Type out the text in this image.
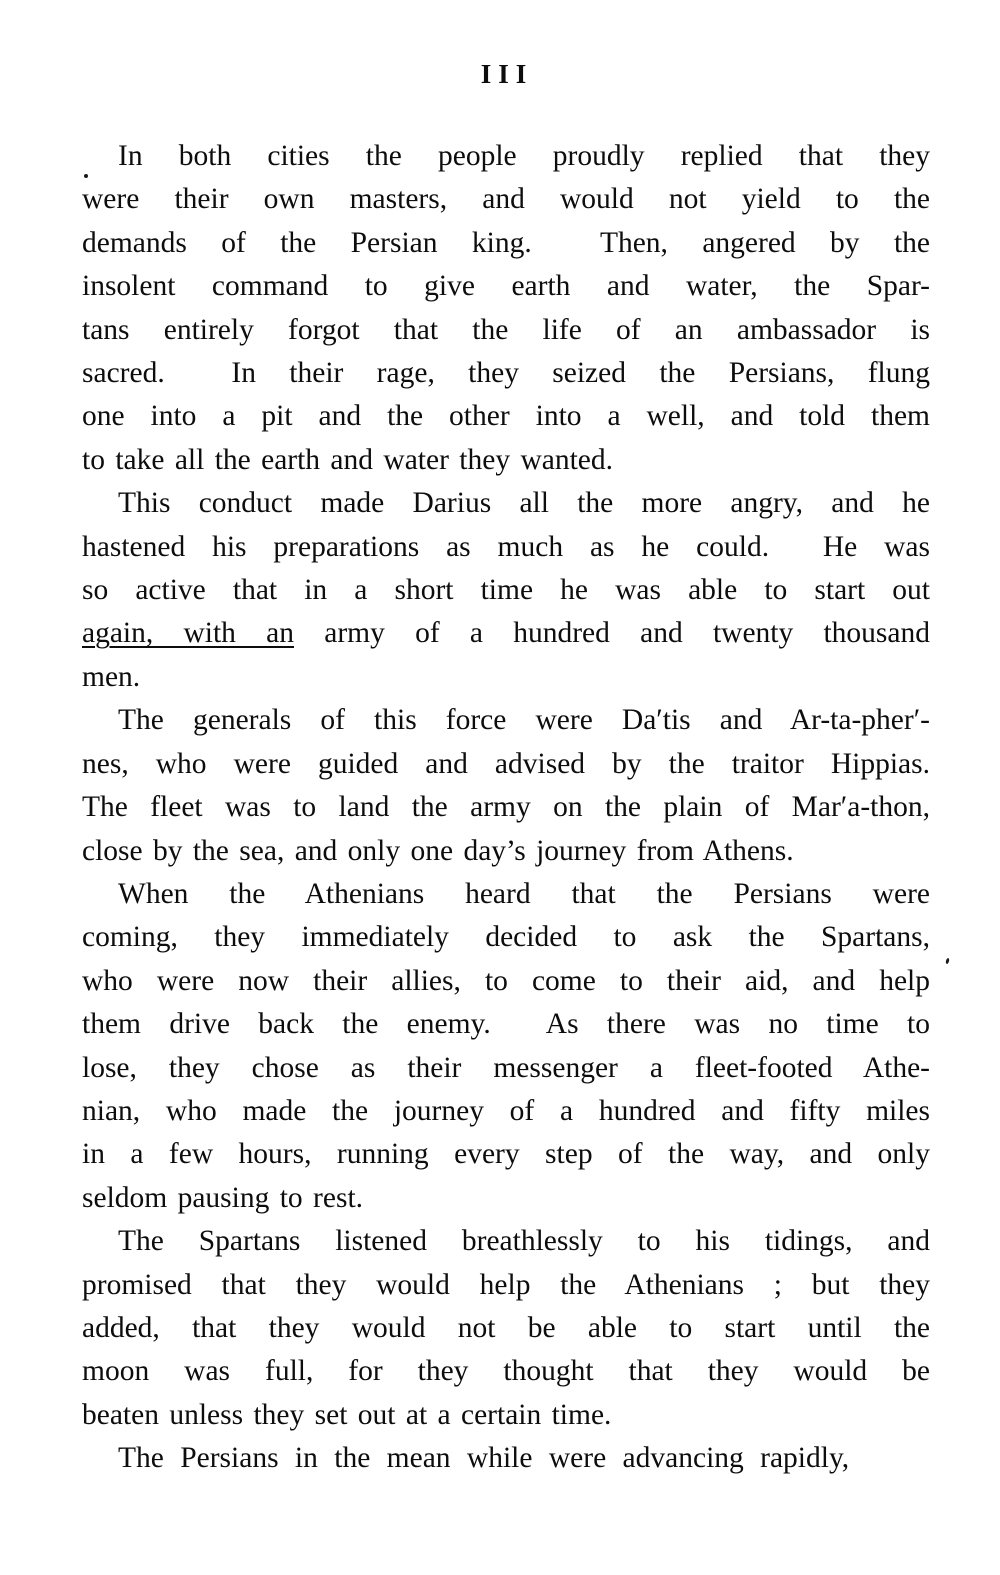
III
In both cities the people proudly replied that they
were their own masters, and would not yield to the
demands of the Persian king.  Then, angered by the
insolent command to give earth and water, the Spar-
tans entirely forgot that the life of an ambassador is
sacred.  In their rage, they seized the Persians, flung
one into a pit and the other into a well, and told them
to take all the earth and water they wanted.
This conduct made Darius all the more angry, and he
hastened his preparations as much as he could.  He was
so active that in a short time he was able to start out
again, with an army of a hundred and twenty thousand
men.
The generals of this force were Da′tis and Ar-ta-pher′-
nes, who were guided and advised by the traitor Hippias.
The fleet was to land the army on the plain of Mar′a-thon,
close by the sea, and only one day’s journey from Athens.
When the Athenians heard that the Persians were
coming, they immediately decided to ask the Spartans,
who were now their allies, to come to their aid, and help
them drive back the enemy.  As there was no time to
lose, they chose as their messenger a fleet-footed Athe-
nian, who made the journey of a hundred and fifty miles
in a few hours, running every step of the way, and only
seldom pausing to rest.
The Spartans listened breathlessly to his tidings, and
promised that they would help the Athenians ; but they
added, that they would not be able to start until the
moon was full, for they thought that they would be
beaten unless they set out at a certain time.
The Persians in the mean while were advancing rapidly,
